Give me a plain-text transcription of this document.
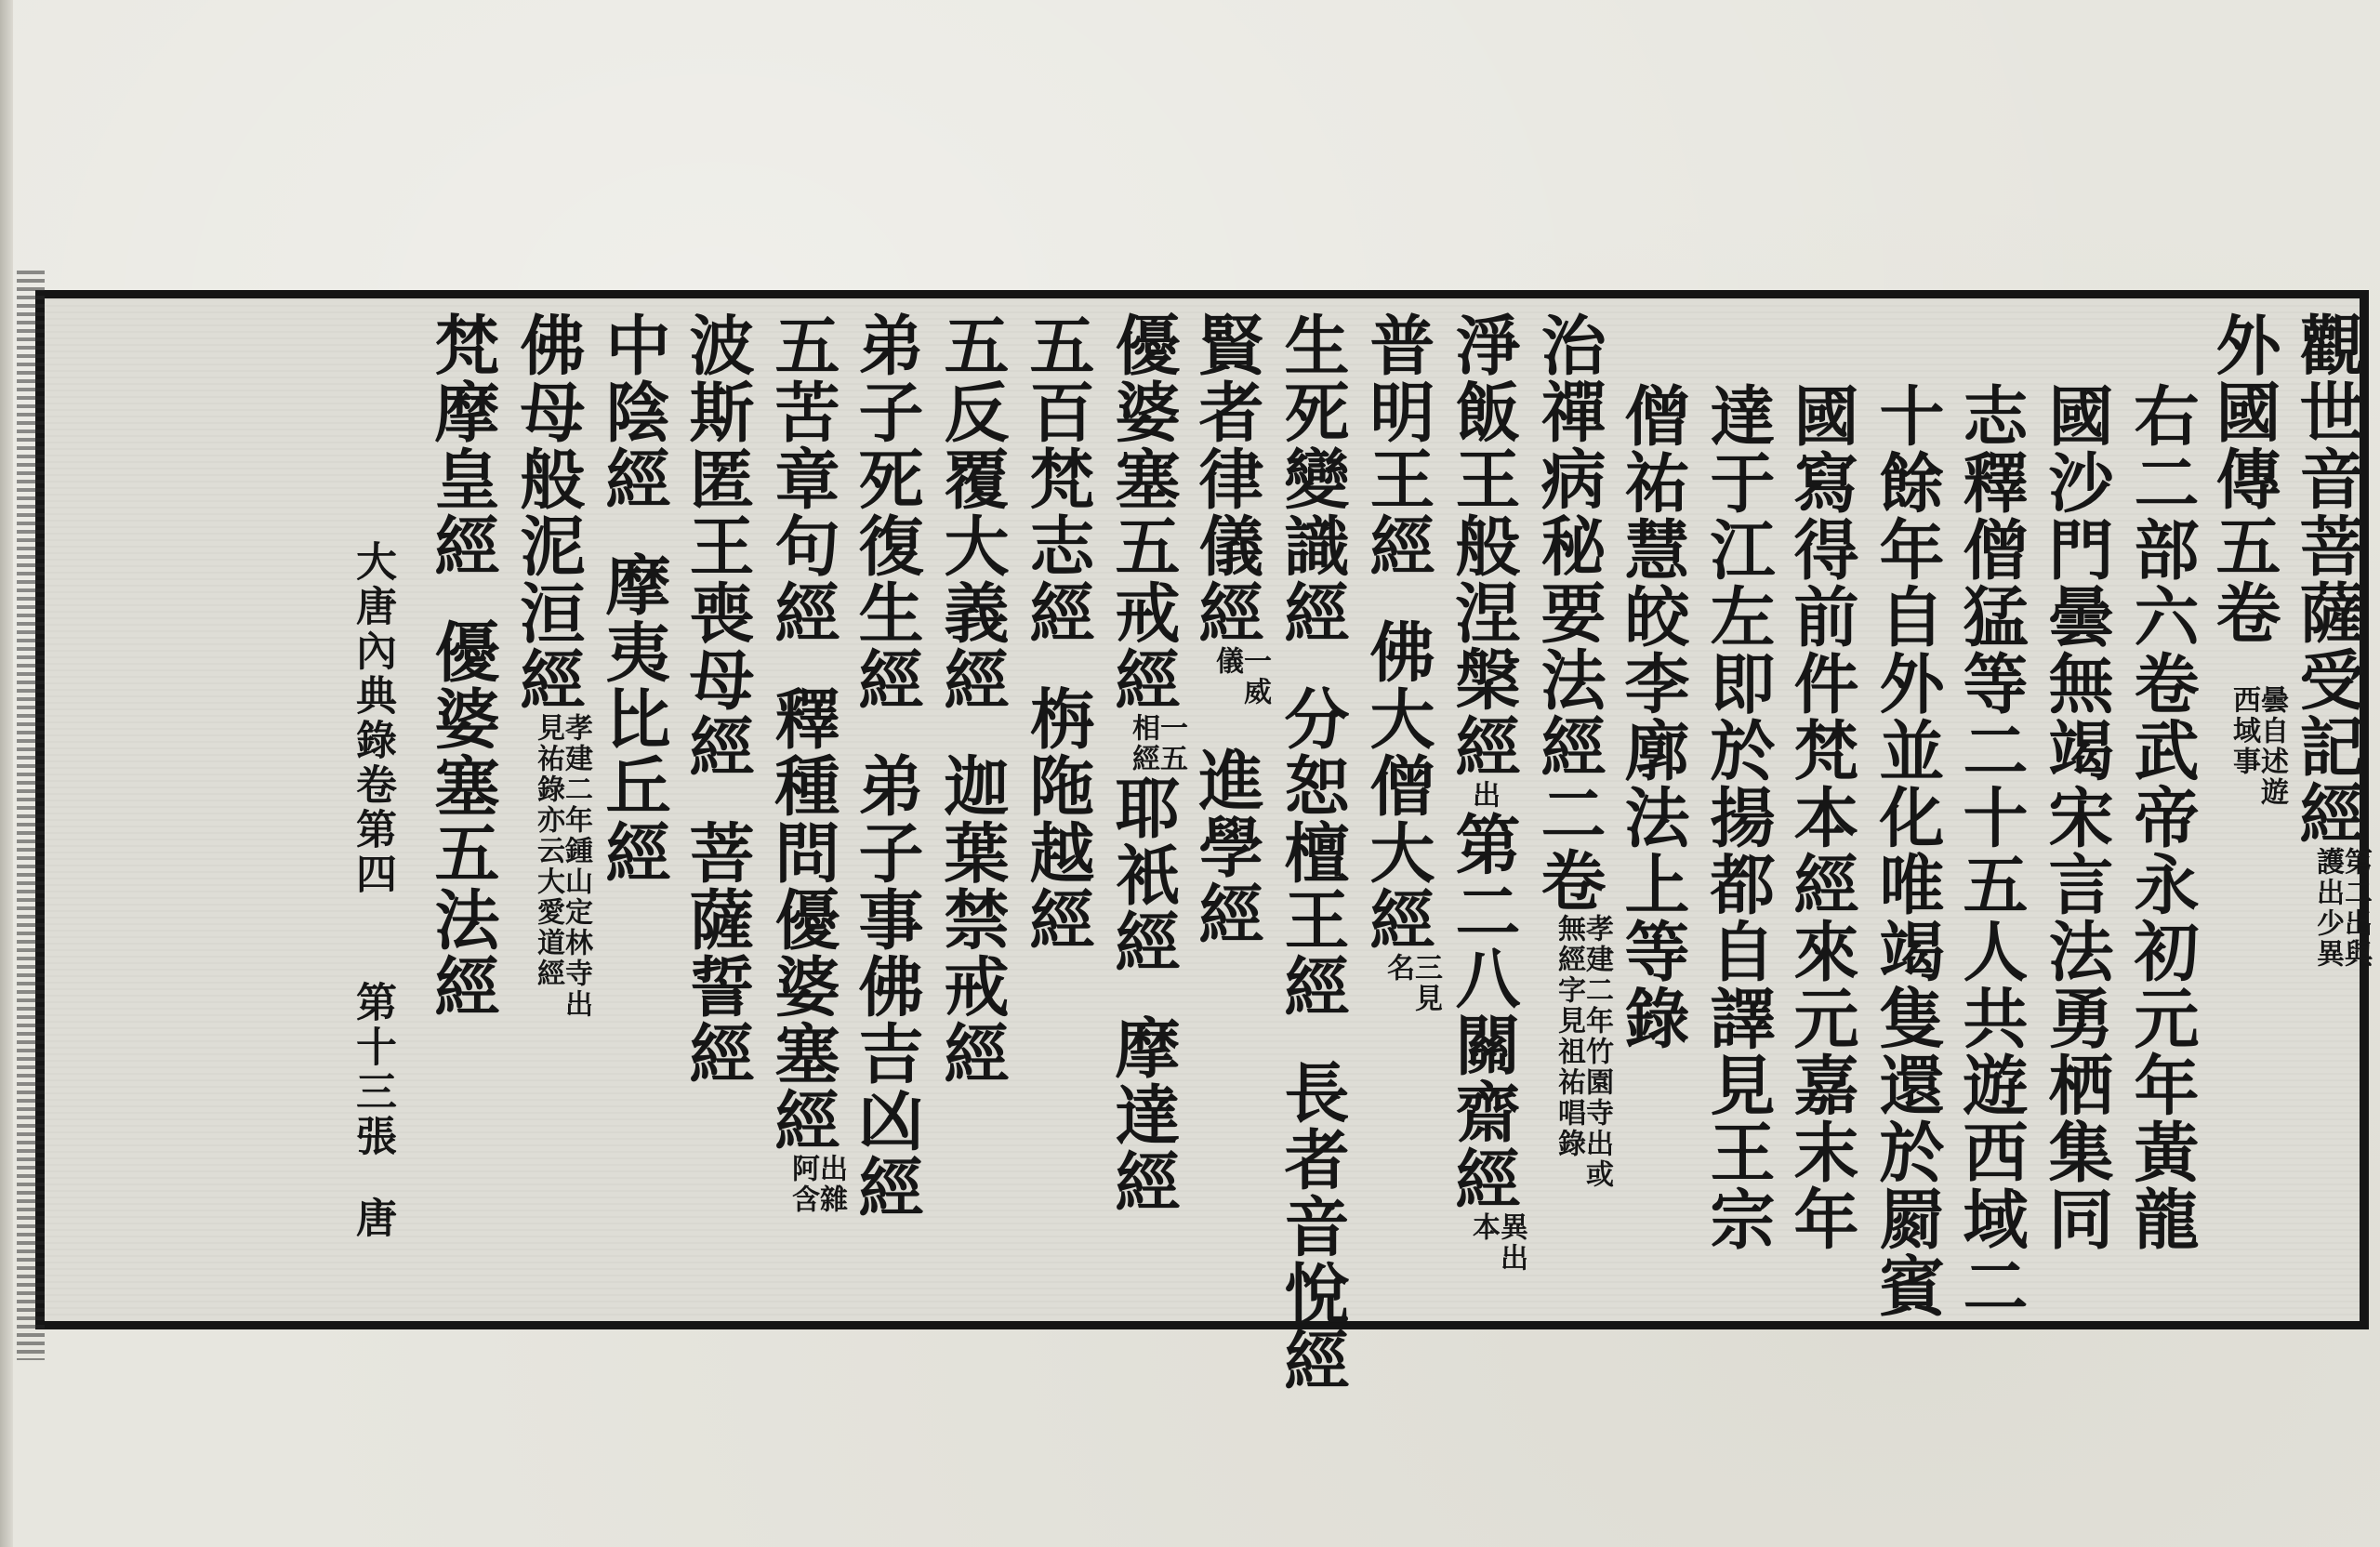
觀世音菩薩受記經第二出與
護出少異
外國傳五卷曇自述遊
西域事
右二部六卷武帝永初元年黃龍
國沙門曇無竭宋言法勇栖集同
志釋僧猛等二十五人共遊西域二
十餘年自外並化唯竭隻還於罽賓
國寫得前件梵本經來元嘉末年
達于江左即於揚都自譯見王宗
僧祐慧皎李廓法上等錄
治禪病秘要法經二卷孝建二年竹園寺出或
無經字見祖祐唱錄
淨飯王般涅槃經出第二八關齋經異出
本
普明王經佛大僧大經三見
名
生死變識經分恕檀王經長者音悅經
賢者律儀經一威
儀進學經
優婆塞五戒經一五
相經耶衹經摩達經
五百梵志經栴陁越經
五反覆大義經迦葉禁戒經
弟子死復生經弟子事佛吉凶經
五苦章句經釋種問優婆塞經出雜
阿含
波斯匿王喪母經菩薩誓經
中陰經摩夷比丘經
佛母般泥洹經孝建二年鍾山定林寺出
見祐錄亦云大愛道經
梵摩皇經優婆塞五法經
大唐內典錄卷第四第十三張唐
